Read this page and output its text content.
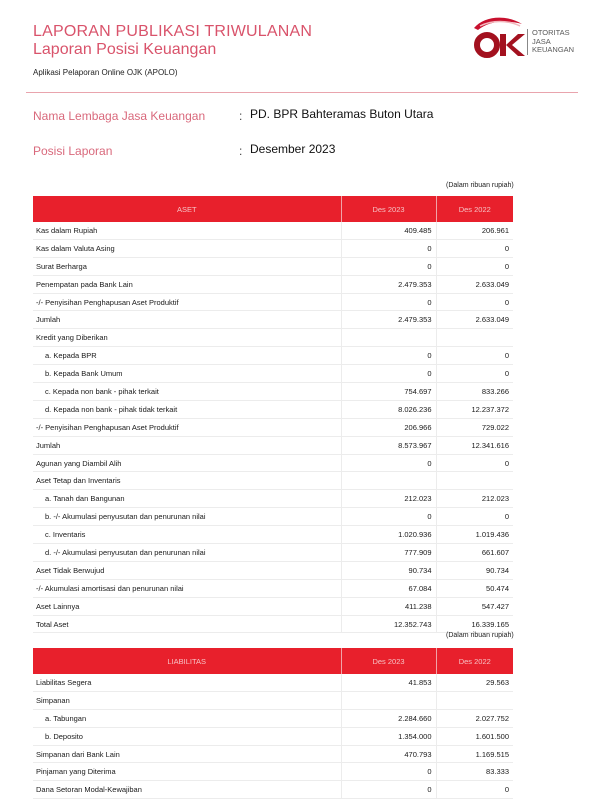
LAPORAN PUBLIKASI TRIWULANAN
Laporan Posisi Keuangan
Aplikasi Pelaporan Online OJK (APOLO)
OTORITAS
JASA
KEUANGAN
Nama Lembaga Jasa Keuangan	: PD. BPR Bahteramas Buton Utara
Posisi Laporan	: Desember 2023
(Dalam ribuan rupiah)
ASET	Des 2023	Des 2022
Kas dalam Rupiah	409.485	206.961
Kas dalam Valuta Asing	0	0
Surat Berharga	0	0
Penempatan pada Bank Lain	2.479.353	2.633.049
-/- Penyisihan Penghapusan Aset Produktif	0	0
Jumlah	2.479.353	2.633.049
Kredit yang Diberikan		
a. Kepada BPR	0	0
b. Kepada Bank Umum	0	0
c. Kepada non bank - pihak terkait	754.697	833.266
d. Kepada non bank - pihak tidak terkait	8.026.236	12.237.372
-/- Penyisihan Penghapusan Aset Produktif	206.966	729.022
Jumlah	8.573.967	12.341.616
Agunan yang Diambil Alih	0	0
Aset Tetap dan Inventaris		
a. Tanah dan Bangunan	212.023	212.023
b. -/- Akumulasi penyusutan dan penurunan nilai	0	0
c. Inventaris	1.020.936	1.019.436
d. -/- Akumulasi penyusutan dan penurunan nilai	777.909	661.607
Aset Tidak Berwujud	90.734	90.734
-/- Akumulasi amortisasi dan penurunan nilai	67.084	50.474
Aset Lainnya	411.238	547.427
Total Aset	12.352.743	16.339.165
(Dalam ribuan rupiah)
LIABILITAS	Des 2023	Des 2022
Liabilitas Segera	41.853	29.563
Simpanan		
a. Tabungan	2.284.660	2.027.752
b. Deposito	1.354.000	1.601.500
Simpanan dari Bank Lain	470.793	1.169.515
Pinjaman yang Diterima	0	83.333
Dana Setoran Modal-Kewajiban	0	0
